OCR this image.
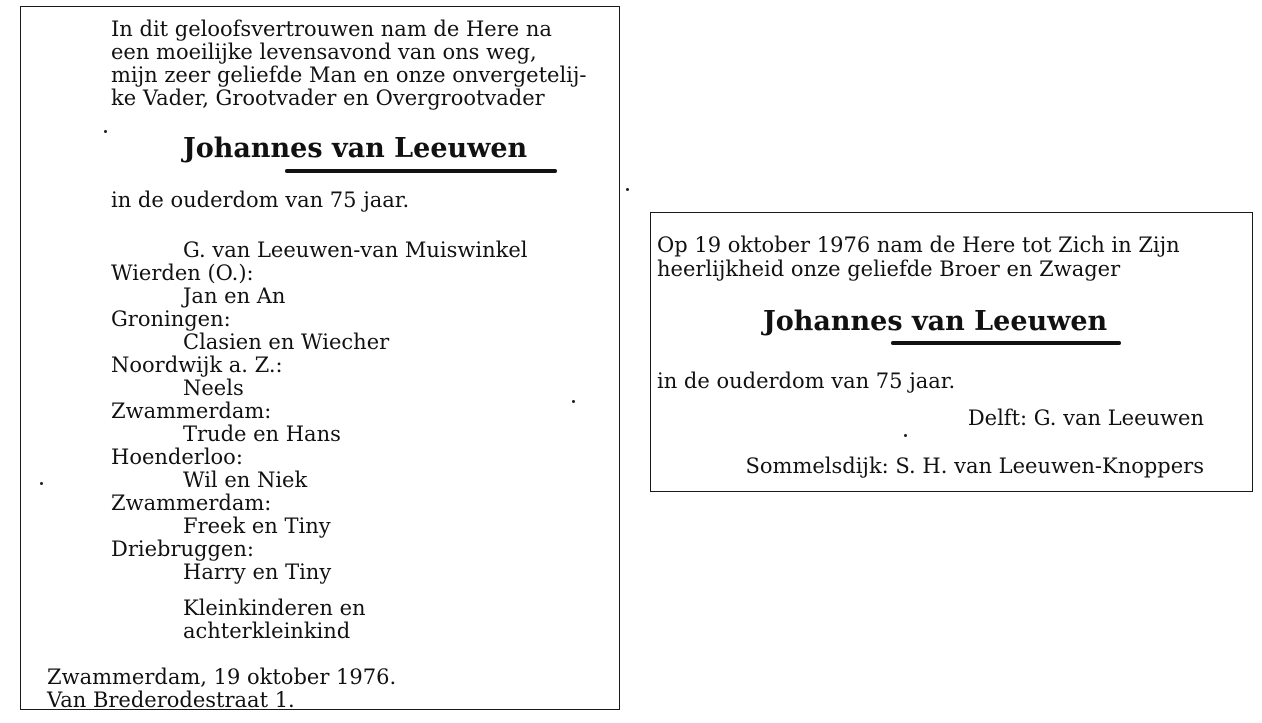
In dit geloofsvertrouwen nam de Here na
een moeilijke levensavond van ons weg,
mijn zeer geliefde Man en onze onvergetelij-
ke Vader, Grootvader en Overgrootvader
Johannes van Leeuwen
in de ouderdom van 75 jaar.
G. van Leeuwen-van Muiswinkel
Wierden (O.):
Jan en An
Groningen:
Clasien en Wiecher
Noordwijk a. Z.:
Neels
Zwammerdam:
Trude en Hans
Hoenderloo:
Wil en Niek
Zwammerdam:
Freek en Tiny
Driebruggen:
Harry en Tiny
Kleinkinderen en
achterkleinkind
Zwammerdam, 19 oktober 1976.
Van Brederodestraat 1.
Op 19 oktober 1976 nam de Here tot Zich in Zijn
heerlijkheid onze geliefde Broer en Zwager
Johannes van Leeuwen
in de ouderdom van 75 jaar.
Delft: G. van Leeuwen
Sommelsdijk: S. H. van Leeuwen-Knoppers
